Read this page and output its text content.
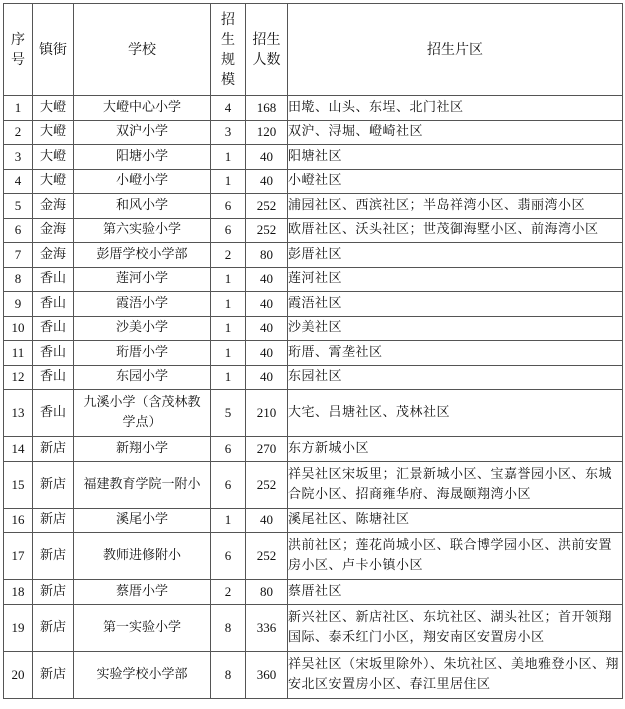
序号	镇街	学校	招生规模	招生人数	招生片区
1	大嶝	大嶝中心小学	4	168	田墘、山头、东埕、北门社区
2	大嶝	双沪小学	3	120	双沪、浔堀、嶝崎社区
3	大嶝	阳塘小学	1	40	阳塘社区
4	大嶝	小嶝小学	1	40	小嶝社区
5	金海	和风小学	6	252	浦园社区、西滨社区；半岛祥湾小区、翡丽湾小区
6	金海	第六实验小学	6	252	欧厝社区、沃头社区；世茂御海墅小区、前海湾小区
7	金海	彭厝学校小学部	2	80	彭厝社区
8	香山	莲河小学	1	40	莲河社区
9	香山	霞浯小学	1	40	霞浯社区
10	香山	沙美小学	1	40	沙美社区
11	香山	珩厝小学	1	40	珩厝、霄垄社区
12	香山	东园小学	1	40	东园社区
13	香山	九溪小学（含茂林教学点）	5	210	大宅、吕塘社区、茂林社区
14	新店	新翔小学	6	270	东方新城小区
15	新店	福建教育学院一附小	6	252	祥吴社区宋坂里；汇景新城小区、宝嘉誉园小区、东城合院小区、招商雍华府、海晟颐翔湾小区
16	新店	溪尾小学	1	40	溪尾社区、陈塘社区
17	新店	教师进修附小	6	252	洪前社区；莲花尚城小区、联合博学园小区、洪前安置房小区、卢卡小镇小区
18	新店	蔡厝小学	2	80	蔡厝社区
19	新店	第一实验小学	8	336	新兴社区、新店社区、东坑社区、湖头社区；首开领翔国际、泰禾红门小区，翔安南区安置房小区
20	新店	实验学校小学部	8	360	祥吴社区（宋坂里除外）、朱坑社区、美地雅登小区、翔安北区安置房小区、春江里居住区
